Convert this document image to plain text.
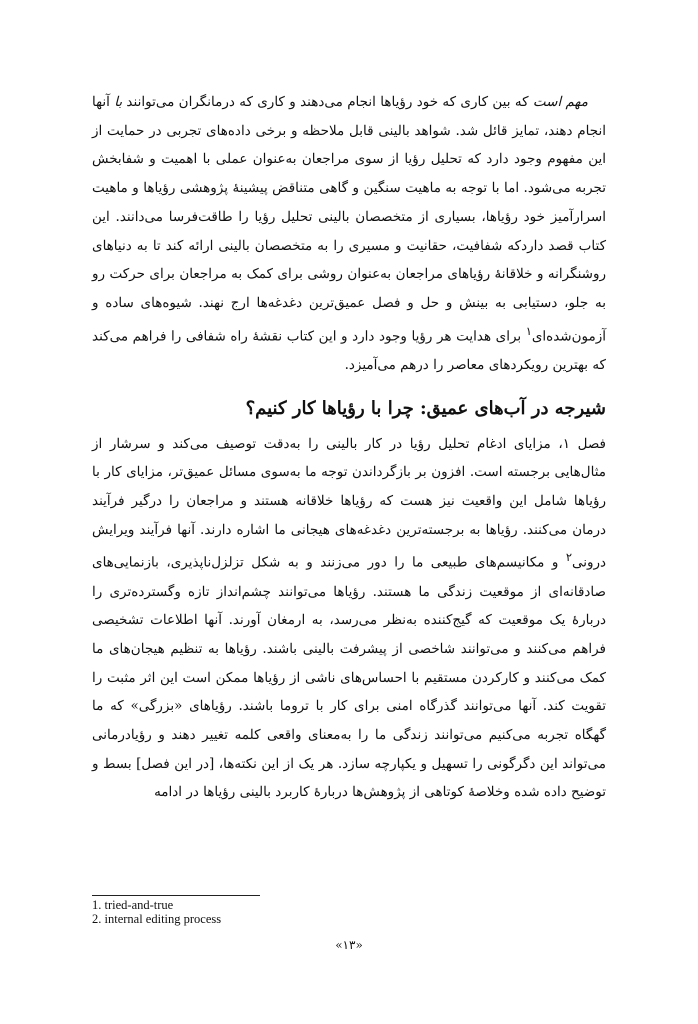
مهم است که بین کاری که خود رؤیاها انجام می‌دهند و کاری که درمانگران می‌توانند با آنها انجام دهند، تمایز قائل شد. شواهد بالینی قابل ملاحظه و برخی داده‌های تجربی در حمایت از این مفهوم وجود دارد که تحلیل رؤیا از سوی مراجعان به‌عنوان عملی با اهمیت و شفابخش تجربه می‌شود. اما با توجه به ماهیت سنگین و گاهی متناقض پیشینهٔ پژوهشی رؤیاها و ماهیت اسرارآمیز خود رؤیاها، بسیاری از متخصصان بالینی تحلیل رؤیا را طاقت‌فرسا می‌دانند. این کتاب قصد داردکه شفافیت، حقانیت و مسیری را به متخصصان بالینی ارائه کند تا به دنیاهای روشنگرانه و خلاقانهٔ رؤیاهای مراجعان به‌عنوان روشی برای کمک به مراجعان برای حرکت رو به جلو، دستیابی به بینش و حل و فصل عمیق‌ترین دغدغه‌ها ارج نهند. شیوه‌های ساده و آزمون‌شده‌ای$^۱$ برای هدایت هر رؤیا وجود دارد و این کتاب نقشهٔ راه شفافی را فراهم می‌کند که بهترین رویکردهای معاصر را درهم می‌آمیزد.

شیرجه در آب‌های عمیق: چرا با رؤیاها کار کنیم؟

فصل ۱، مزایای ادغام تحلیل رؤیا در کار بالینی را به‌دقت توصیف می‌کند و سرشار از مثال‌هایی برجسته است. افزون بر بازگرداندن توجه ما به‌سوی مسائل عمیق‌تر، مزایای کار با رؤیاها شامل این واقعیت نیز هست که رؤیاها خلاقانه هستند و مراجعان را درگیر فرآیند درمان می‌کنند. رؤیاها به برجسته‌ترین دغدغه‌های هیجانی ما اشاره دارند. آنها فرآیند ویرایش درونی$^۲$ و مکانیسم‌های طبیعی ما را دور می‌زنند و به شکل تزلزل‌ناپذیری، بازنمایی‌های صادقانه‌ای از موقعیت زندگی ما هستند. رؤیاها می‌توانند چشم‌انداز تازه وگسترده‌تری را دربارهٔ یک موقعیت که گیج‌کننده به‌نظر می‌رسد، به ارمغان آورند. آنها اطلاعات تشخیصی فراهم می‌کنند و می‌توانند شاخصی از پیشرفت بالینی باشند. رؤیاها به تنظیم هیجان‌های ما کمک می‌کنند و کارکردن مستقیم با احساس‌های ناشی از رؤیاها ممکن است این اثر مثبت را تقویت کند. آنها می‌توانند گذرگاه امنی برای کار با تروما باشند. رؤیاهای «بزرگی» که ما گهگاه تجربه می‌کنیم می‌توانند زندگی ما را به‌معنای واقعی کلمه تغییر دهند و رؤیادرمانی می‌تواند این دگرگونی را تسهیل و یکپارچه سازد. هر یک از این نکته‌ها، [در این فصل] بسط و توضیح داده شده وخلاصهٔ کوتاهی از پژوهش‌ها دربارهٔ کاربرد بالینی رؤیاها در ادامه

1. tried-and-true
2. internal editing process
«۱۳»
